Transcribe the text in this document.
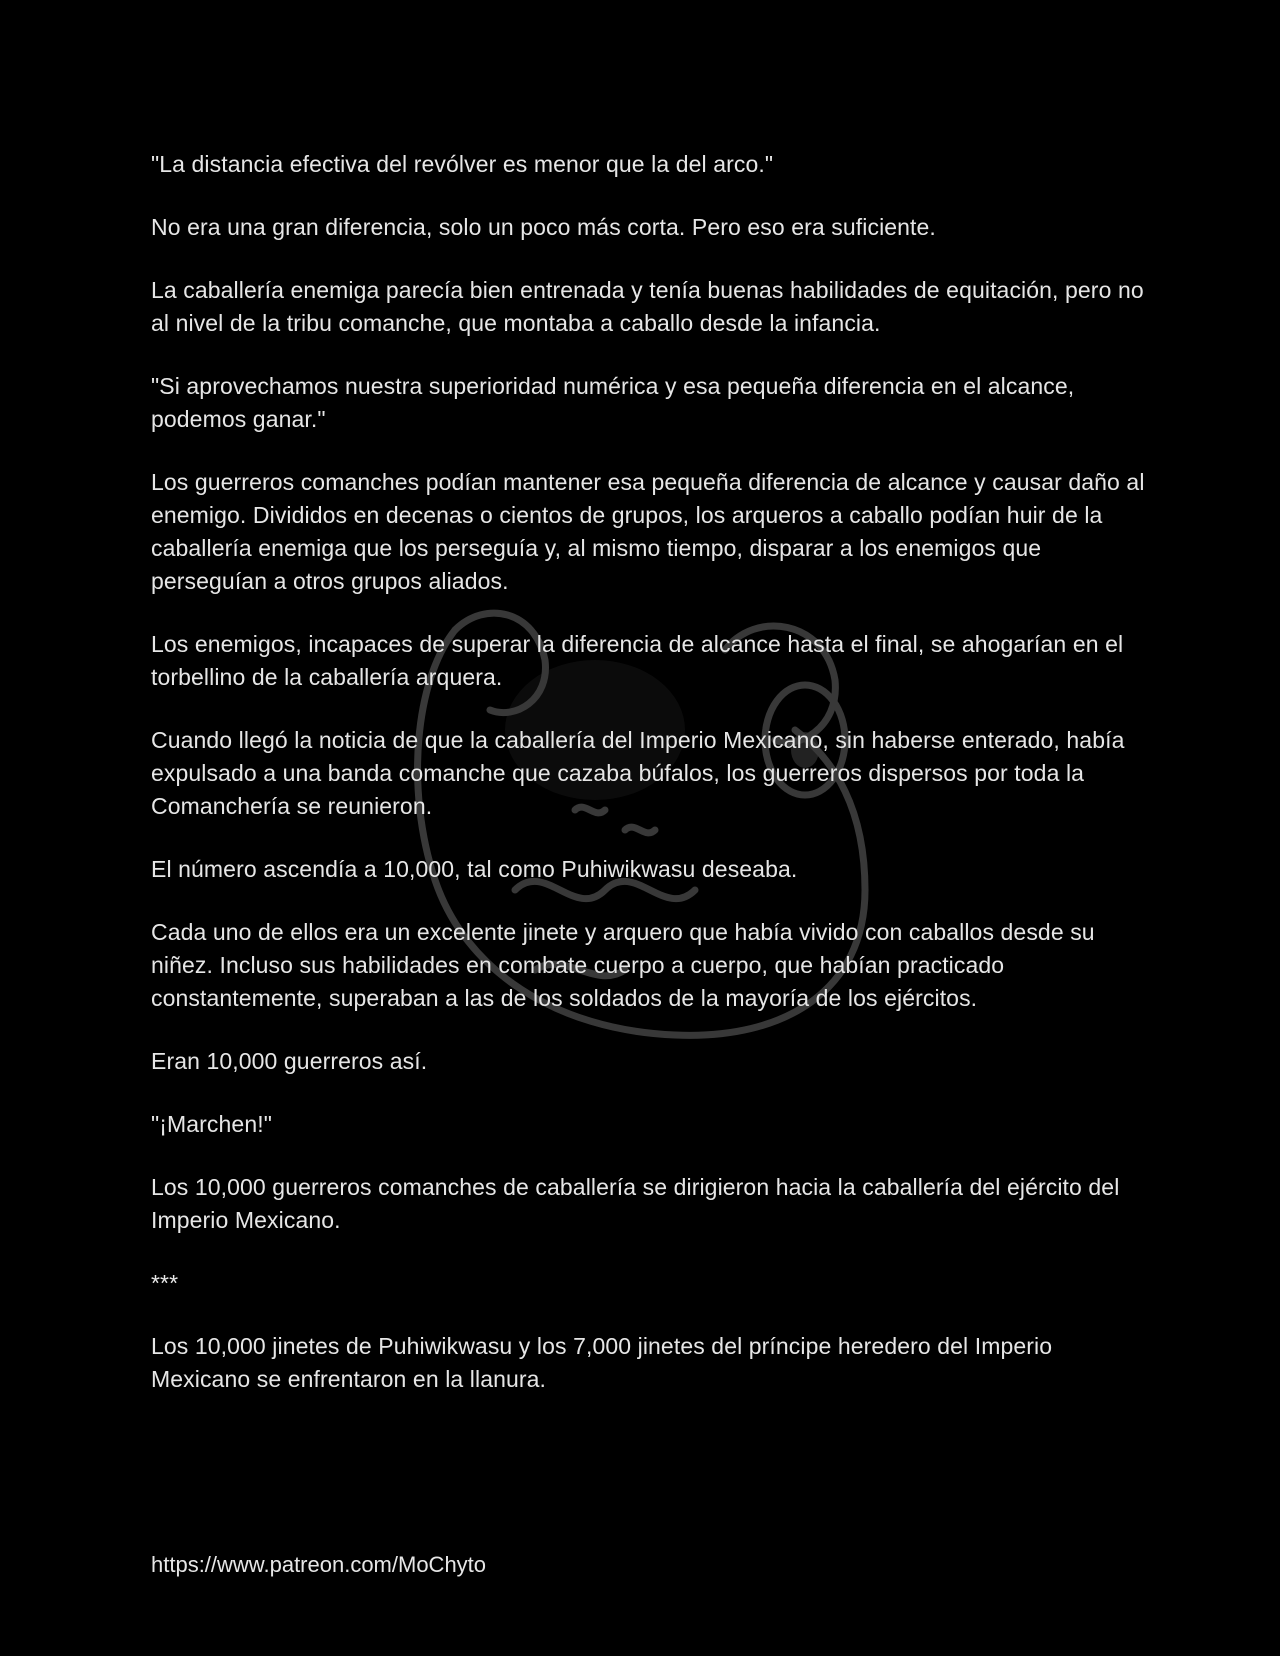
"La distancia efectiva del revólver es menor que la del arco."

No era una gran diferencia, solo un poco más corta. Pero eso era suficiente.

La caballería enemiga parecía bien entrenada y tenía buenas habilidades de equitación, pero no al nivel de la tribu comanche, que montaba a caballo desde la infancia.

"Si aprovechamos nuestra superioridad numérica y esa pequeña diferencia en el alcance, podemos ganar."

Los guerreros comanches podían mantener esa pequeña diferencia de alcance y causar daño al enemigo. Divididos en decenas o cientos de grupos, los arqueros a caballo podían huir de la caballería enemiga que los perseguía y, al mismo tiempo, disparar a los enemigos que perseguían a otros grupos aliados.

Los enemigos, incapaces de superar la diferencia de alcance hasta el final, se ahogarían en el torbellino de la caballería arquera.

Cuando llegó la noticia de que la caballería del Imperio Mexicano, sin haberse enterado, había expulsado a una banda comanche que cazaba búfalos, los guerreros dispersos por toda la Comanchería se reunieron.

El número ascendía a 10,000, tal como Puhiwikwasu deseaba.

Cada uno de ellos era un excelente jinete y arquero que había vivido con caballos desde su niñez. Incluso sus habilidades en combate cuerpo a cuerpo, que habían practicado constantemente, superaban a las de los soldados de la mayoría de los ejércitos.

Eran 10,000 guerreros así.

"¡Marchen!"

Los 10,000 guerreros comanches de caballería se dirigieron hacia la caballería del ejército del Imperio Mexicano.

***

Los 10,000 jinetes de Puhiwikwasu y los 7,000 jinetes del príncipe heredero del Imperio Mexicano se enfrentaron en la llanura.

https://www.patreon.com/MoChyto
